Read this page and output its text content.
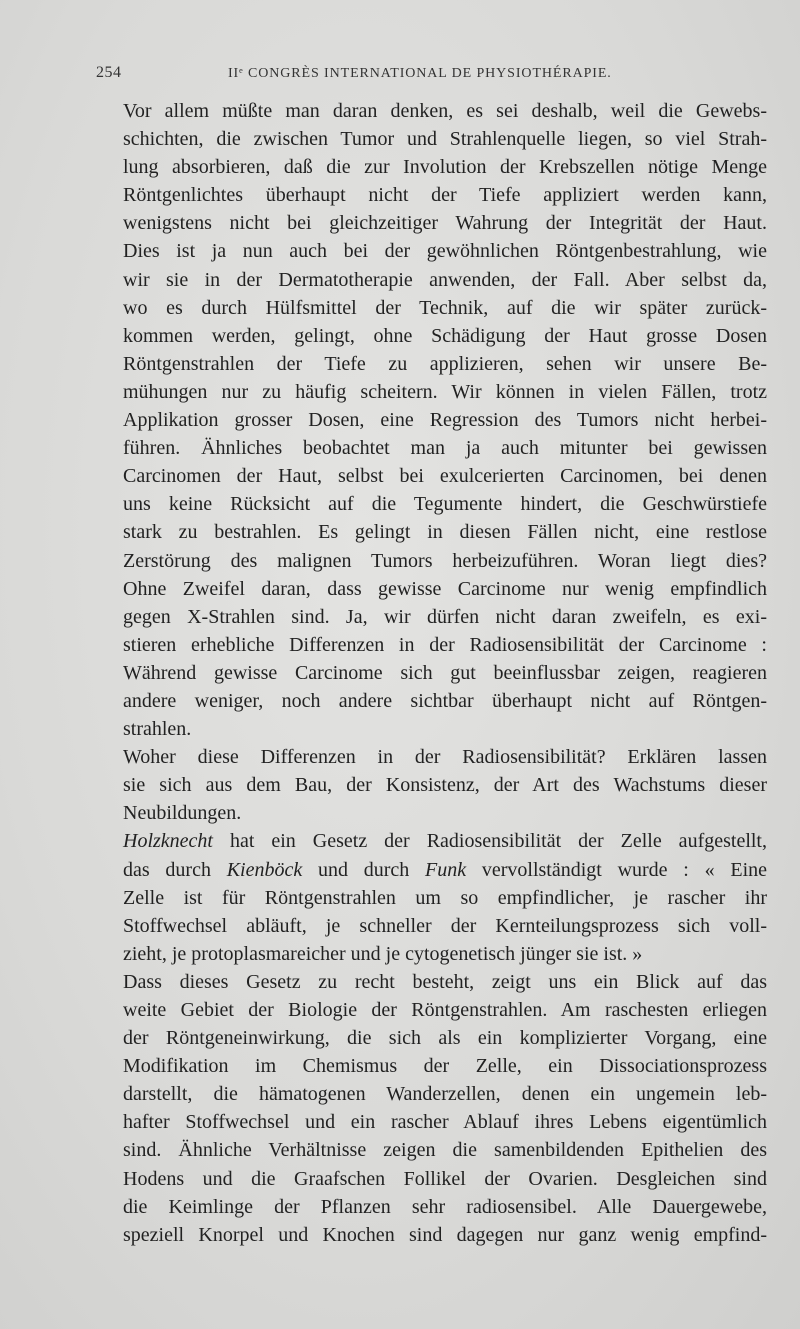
254	IIᵉ CONGRÈS INTERNATIONAL DE PHYSIOTHÉRAPIE.

Vor allem müßte man daran denken, es sei deshalb, weil die Gewebs-
schichten, die zwischen Tumor und Strahlenquelle liegen, so viel Strah-
lung absorbieren, daß die zur Involution der Krebszellen nötige Menge
Röntgenlichtes überhaupt nicht der Tiefe appliziert werden kann,
wenigstens nicht bei gleichzeitiger Wahrung der Integrität der Haut.
Dies ist ja nun auch bei der gewöhnlichen Röntgenbestrahlung, wie
wir sie in der Dermatotherapie anwenden, der Fall. Aber selbst da,
wo es durch Hülfsmittel der Technik, auf die wir später zurück-
kommen werden, gelingt, ohne Schädigung der Haut grosse Dosen
Röntgenstrahlen der Tiefe zu applizieren, sehen wir unsere Be-
mühungen nur zu häufig scheitern. Wir können in vielen Fällen, trotz
Applikation grosser Dosen, eine Regression des Tumors nicht herbei-
führen. Ähnliches beobachtet man ja auch mitunter bei gewissen
Carcinomen der Haut, selbst bei exulcerierten Carcinomen, bei denen
uns keine Rücksicht auf die Tegumente hindert, die Geschwürstiefe
stark zu bestrahlen. Es gelingt in diesen Fällen nicht, eine restlose
Zerstörung des malignen Tumors herbeizuführen. Woran liegt dies?
Ohne Zweifel daran, dass gewisse Carcinome nur wenig empfindlich
gegen X-Strahlen sind. Ja, wir dürfen nicht daran zweifeln, es exi-
stieren erhebliche Differenzen in der Radiosensibilität der Carcinome :
Während gewisse Carcinome sich gut beeinflussbar zeigen, reagieren
andere weniger, noch andere sichtbar überhaupt nicht auf Röntgen-
strahlen.

Woher diese Differenzen in der Radiosensibilität? Erklären lassen
sie sich aus dem Bau, der Konsistenz, der Art des Wachstums dieser
Neubildungen.

Holzknecht hat ein Gesetz der Radiosensibilität der Zelle aufgestellt,
das durch Kienböck und durch Funk vervollständigt wurde : « Eine
Zelle ist für Röntgenstrahlen um so empfindlicher, je rascher ihr
Stoffwechsel abläuft, je schneller der Kernteilungsprozess sich voll-
zieht, je protoplasmareicher und je cytogenetisch jünger sie ist. »

Dass dieses Gesetz zu recht besteht, zeigt uns ein Blick auf das
weite Gebiet der Biologie der Röntgenstrahlen. Am raschesten erliegen
der Röntgeneinwirkung, die sich als ein komplizierter Vorgang, eine
Modifikation im Chemismus der Zelle, ein Dissociationsprozess
darstellt, die hämatogenen Wanderzellen, denen ein ungemein leb-
hafter Stoffwechsel und ein rascher Ablauf ihres Lebens eigentümlich
sind. Ähnliche Verhältnisse zeigen die samenbildenden Epithelien des
Hodens und die Graafschen Follikel der Ovarien. Desgleichen sind
die Keimlinge der Pflanzen sehr radiosensibel. Alle Dauergewebe,
speziell Knorpel und Knochen sind dagegen nur ganz wenig empfind-
